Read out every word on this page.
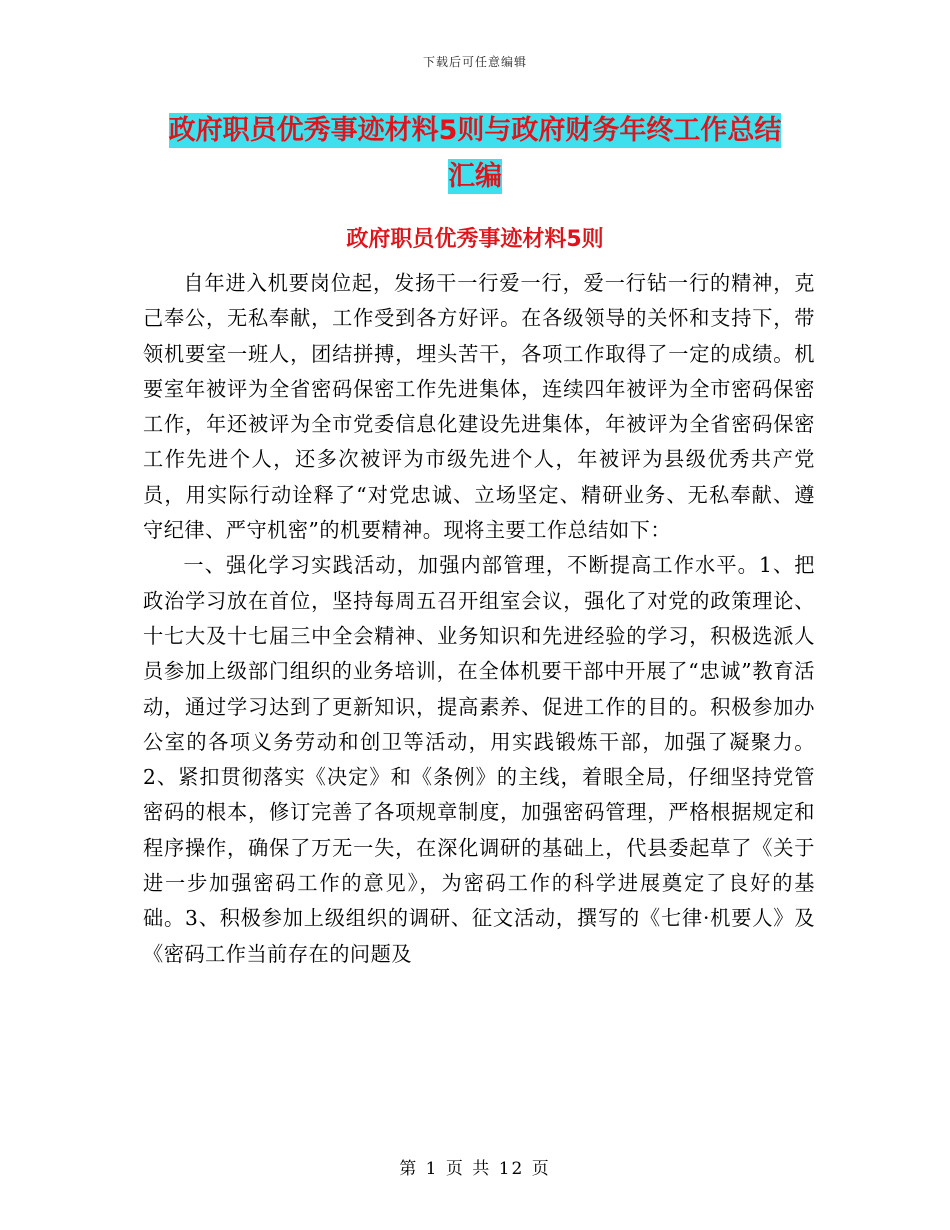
下载后可任意编辑
政府职员优秀事迹材料5则与政府财务年终工作总结
汇编
政府职员优秀事迹材料5则

自年进入机要岗位起，发扬干一行爱一行，爱一行钻一行的精神，克己奉公，无私奉献，工作受到各方好评。在各级领导的关怀和支持下，带领机要室一班人，团结拼搏，埋头苦干，各项工作取得了一定的成绩。机要室年被评为全省密码保密工作先进集体，连续四年被评为全市密码保密工作，年还被评为全市党委信息化建设先进集体，年被评为全省密码保密工作先进个人，还多次被评为市级先进个人，年被评为县级优秀共产党员，用实际行动诠释了“对党忠诚、立场坚定、精研业务、无私奉献、遵守纪律、严守机密”的机要精神。现将主要工作总结如下：

一、强化学习实践活动，加强内部管理，不断提高工作水平。1、把政治学习放在首位，坚持每周五召开组室会议，强化了对党的政策理论、十七大及十七届三中全会精神、业务知识和先进经验的学习，积极选派人员参加上级部门组织的业务培训，在全体机要干部中开展了“忠诚”教育活动，通过学习达到了更新知识，提高素养、促进工作的目的。积极参加办公室的各项义务劳动和创卫等活动，用实践锻炼干部，加强了凝聚力。2、紧扣贯彻落实《决定》和《条例》的主线，着眼全局，仔细坚持党管密码的根本，修订完善了各项规章制度，加强密码管理，严格根据规定和程序操作，确保了万无一失，在深化调研的基础上，代县委起草了《关于进一步加强密码工作的意见》，为密码工作的科学进展奠定了良好的基础。3、积极参加上级组织的调研、征文活动，撰写的《七律·机要人》及《密码工作当前存在的问题及

第 1 页 共 12 页
